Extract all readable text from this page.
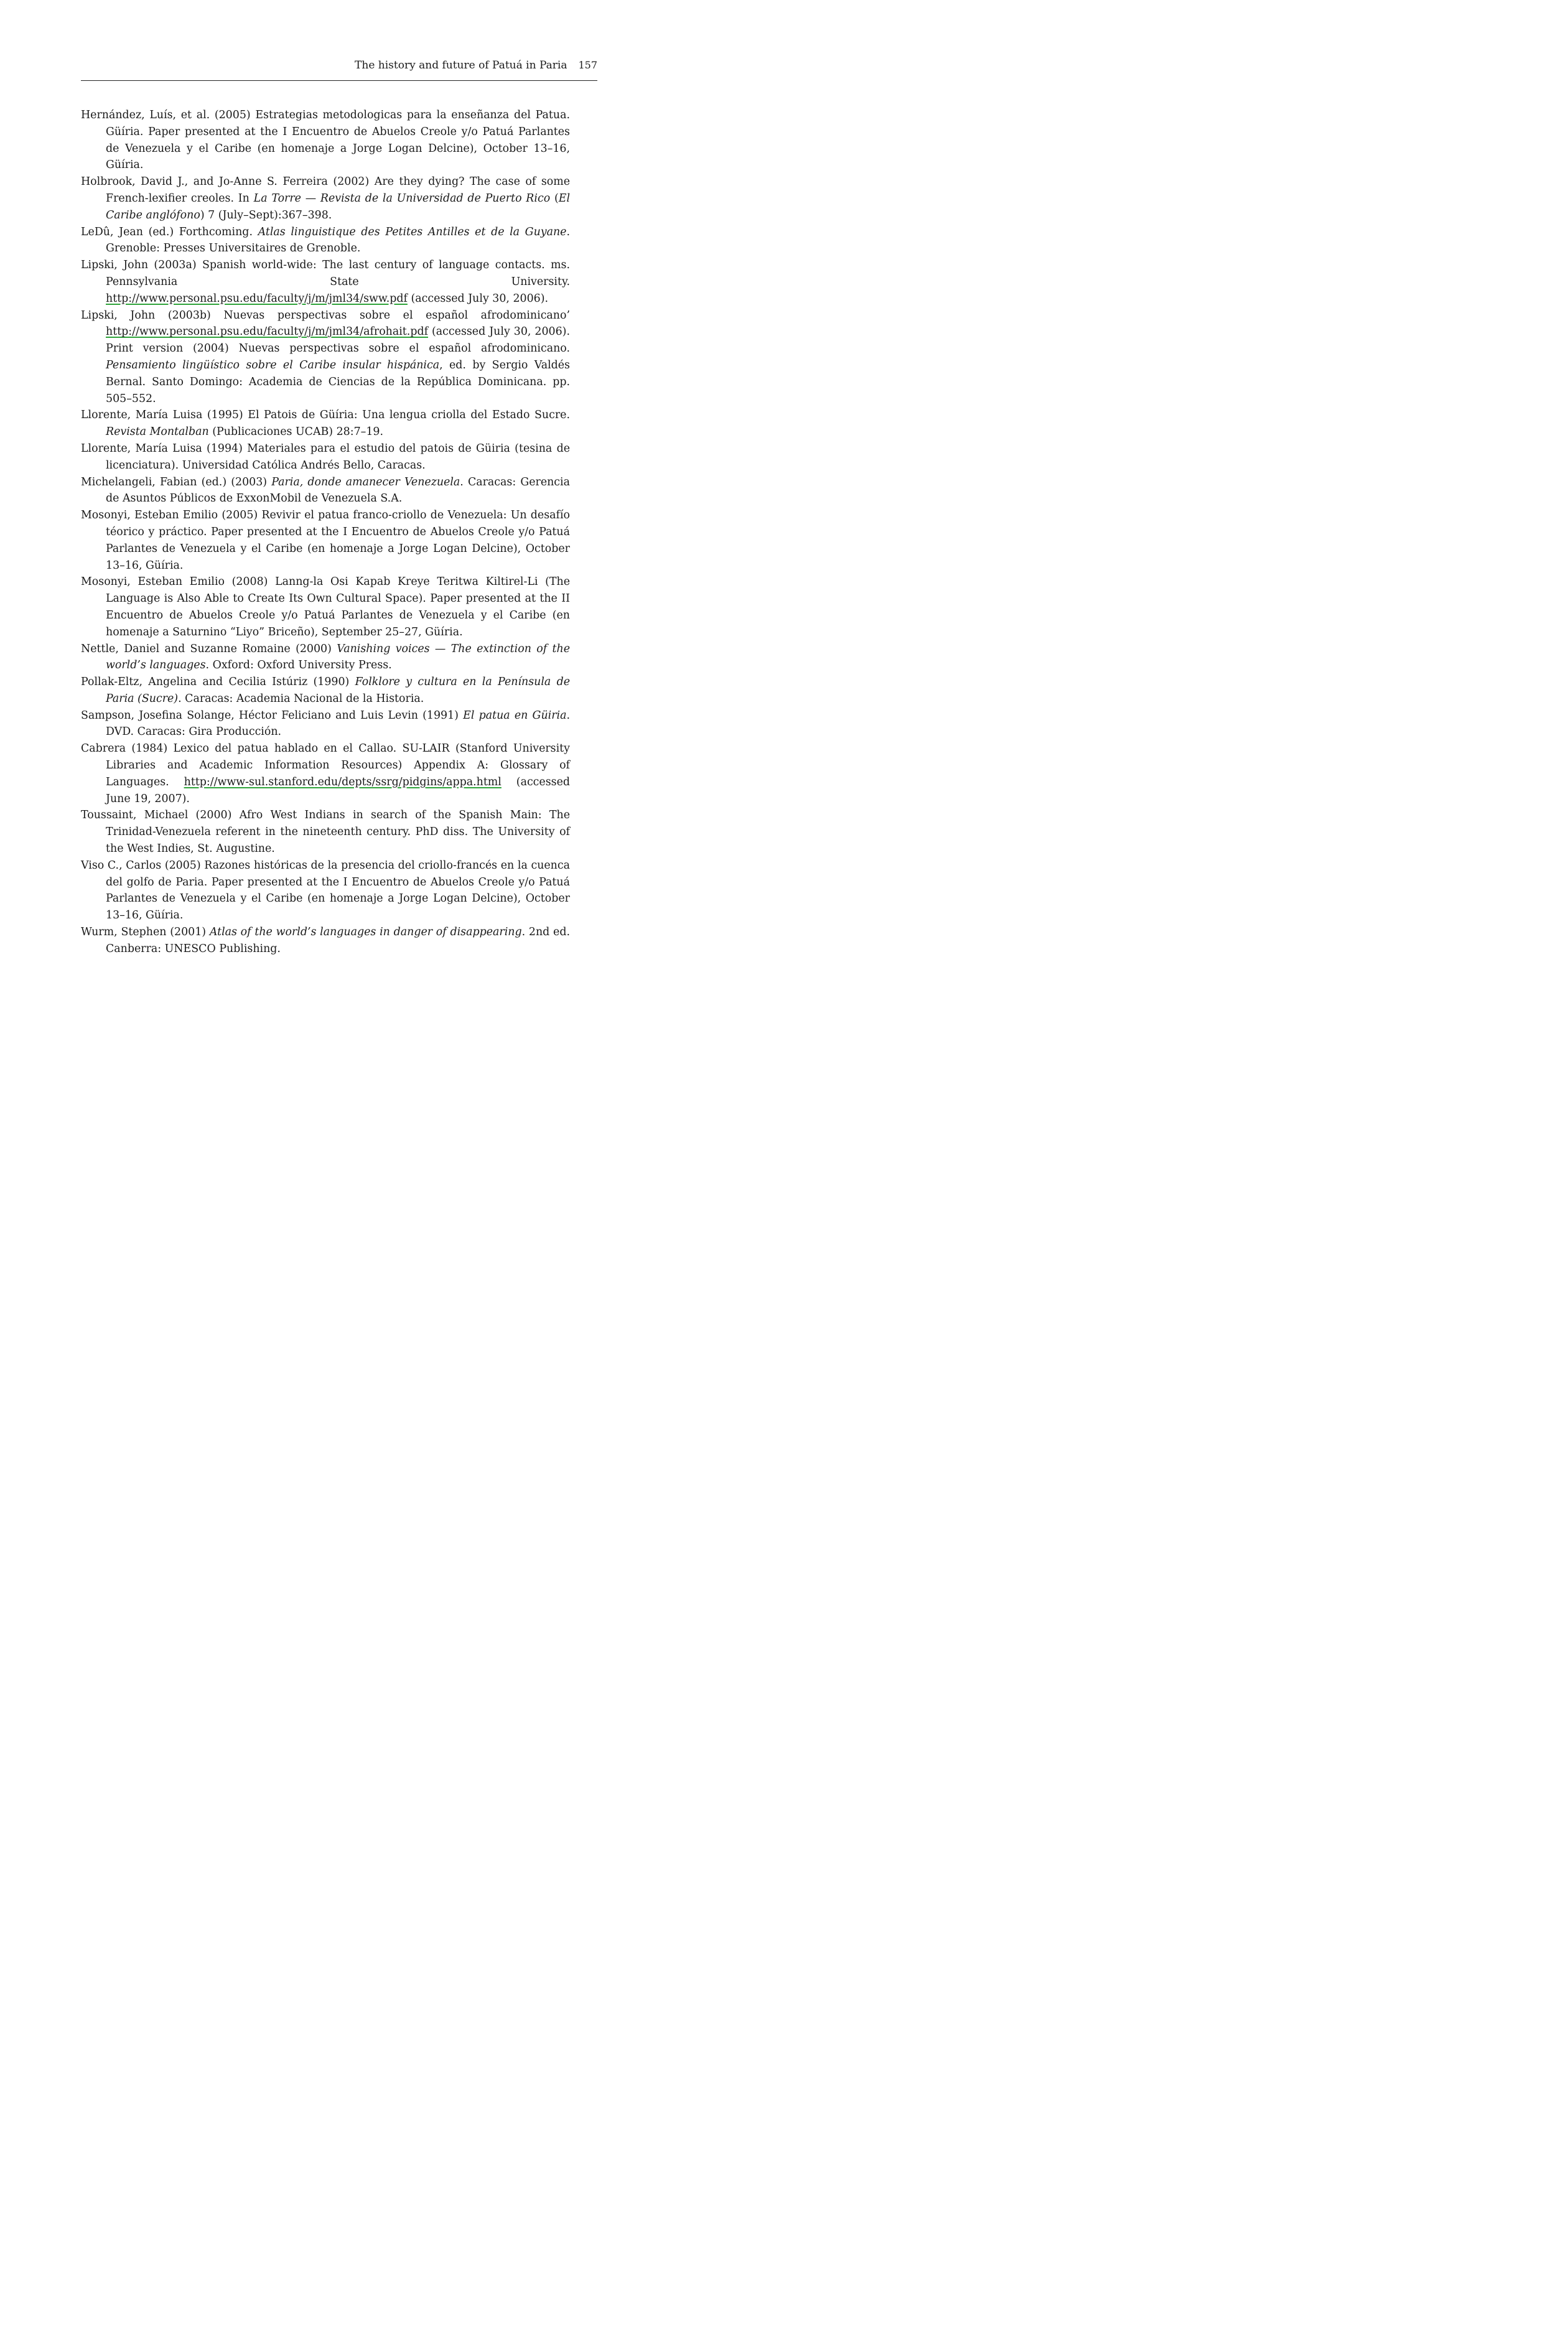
The history and future of Patuá in Paria 157
Hernández, Luís, et al. (2005) Estrategias metodologicas para la enseñanza del Patua. Güíria. Paper presented at the I Encuentro de Abuelos Creole y/o Patuá Parlantes de Venezuela y el Caribe (en homenaje a Jorge Logan Delcine), October 13–16, Güíria.
Holbrook, David J., and Jo-Anne S. Ferreira (2002) Are they dying? The case of some French-lexifier creoles. In La Torre — Revista de la Universidad de Puerto Rico (El Caribe anglófono) 7 (July–Sept):367–398.
LeDû, Jean (ed.) Forthcoming. Atlas linguistique des Petites Antilles et de la Guyane. Grenoble: Presses Universitaires de Grenoble.
Lipski, John (2003a) Spanish world-wide: The last century of language contacts. ms. Pennsylvania State University. http://www.personal.psu.edu/faculty/j/m/jml34/sww.pdf (accessed July 30, 2006).
Lipski, John (2003b) Nuevas perspectivas sobre el español afrodominicano’ http://www.personal.psu.edu/faculty/j/m/jml34/afrohait.pdf (accessed July 30, 2006). Print version (2004) Nuevas perspectivas sobre el español afrodominicano. Pensamiento lingüístico sobre el Caribe insular hispánica, ed. by Sergio Valdés Bernal. Santo Domingo: Academia de Ciencias de la República Dominicana. pp. 505–552.
Llorente, María Luisa (1995) El Patois de Güíria: Una lengua criolla del Estado Sucre. Revista Montalban (Publicaciones UCAB) 28:7–19.
Llorente, María Luisa (1994) Materiales para el estudio del patois de Güiria (tesina de licenciatura). Universidad Católica Andrés Bello, Caracas.
Michelangeli, Fabian (ed.) (2003) Paria, donde amanecer Venezuela. Caracas: Gerencia de Asuntos Públicos de ExxonMobil de Venezuela S.A.
Mosonyi, Esteban Emilio (2005) Revivir el patua franco-criollo de Venezuela: Un desafío téorico y práctico. Paper presented at the I Encuentro de Abuelos Creole y/o Patuá Parlantes de Venezuela y el Caribe (en homenaje a Jorge Logan Delcine), October 13–16, Güíria.
Mosonyi, Esteban Emilio (2008) Lanng-la Osi Kapab Kreye Teritwa Kiltirel-Li (The Language is Also Able to Create Its Own Cultural Space). Paper presented at the II Encuentro de Abuelos Creole y/o Patuá Parlantes de Venezuela y el Caribe (en homenaje a Saturnino “Liyo” Briceño), September 25–27, Güíria.
Nettle, Daniel and Suzanne Romaine (2000) Vanishing voices — The extinction of the world’s languages. Oxford: Oxford University Press.
Pollak-Eltz, Angelina and Cecilia Istúriz (1990) Folklore y cultura en la Península de Paria (Sucre). Caracas: Academia Nacional de la Historia.
Sampson, Josefina Solange, Héctor Feliciano and Luis Levin (1991) El patua en Güiria. DVD. Caracas: Gira Producción.
Cabrera (1984) Lexico del patua hablado en el Callao. SU-LAIR (Stanford University Libraries and Academic Information Resources) Appendix A: Glossary of Languages. http://www-sul.stanford.edu/depts/ssrg/pidgins/appa.html (accessed June 19, 2007).
Toussaint, Michael (2000) Afro West Indians in search of the Spanish Main: The Trinidad-Venezuela referent in the nineteenth century. PhD diss. The University of the West Indies, St. Augustine.
Viso C., Carlos (2005) Razones históricas de la presencia del criollo-francés en la cuenca del golfo de Paria. Paper presented at the I Encuentro de Abuelos Creole y/o Patuá Parlantes de Venezuela y el Caribe (en homenaje a Jorge Logan Delcine), October 13–16, Güíria.
Wurm, Stephen (2001) Atlas of the world’s languages in danger of disappearing. 2nd ed. Canberra: UNESCO Publishing.
